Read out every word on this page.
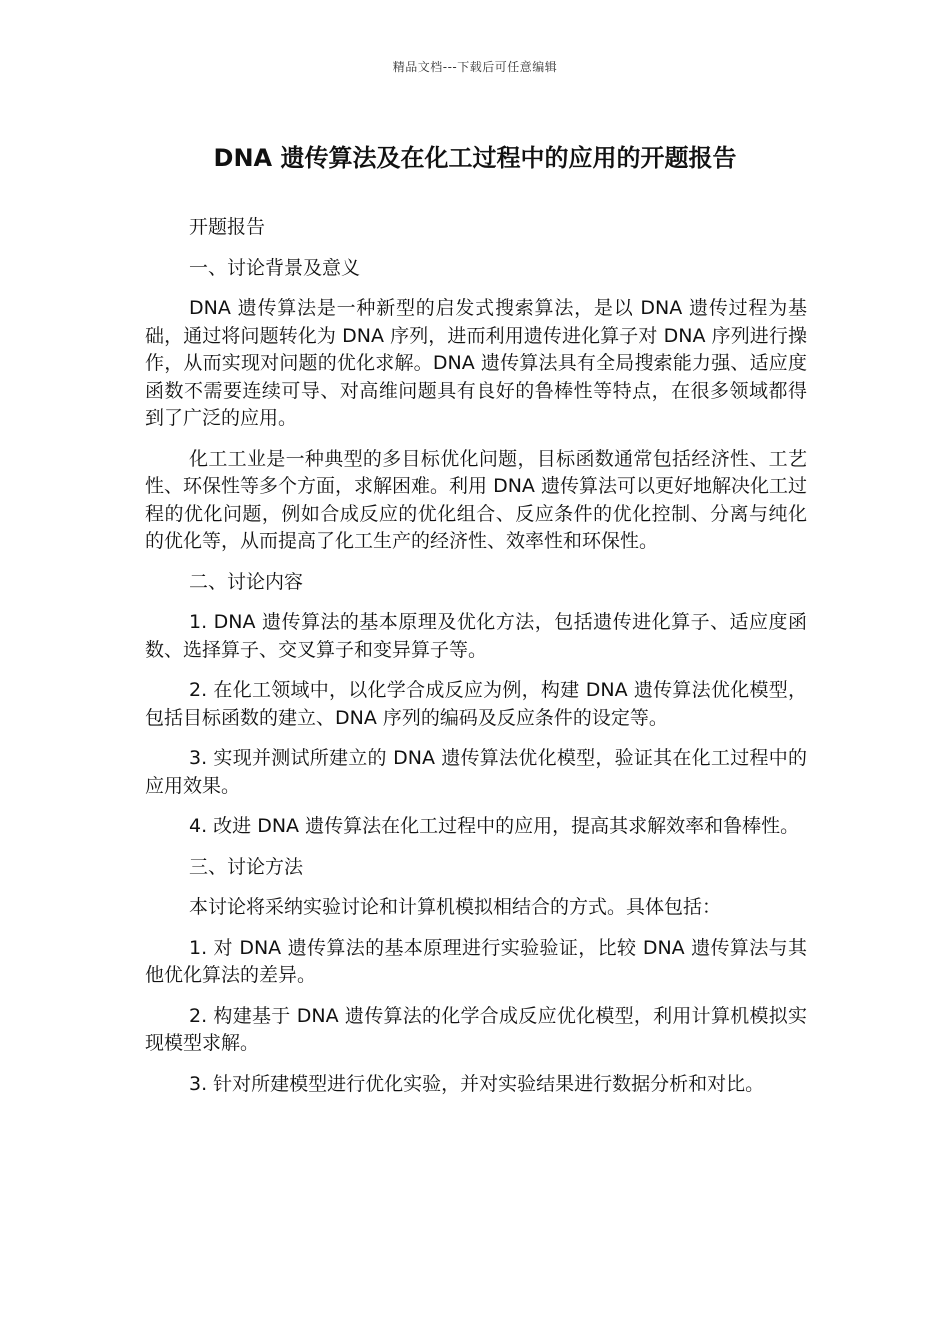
精品文档---下载后可任意编辑
DNA 遗传算法及在化工过程中的应用的开题报告

开题报告

一、讨论背景及意义

DNA 遗传算法是一种新型的启发式搜索算法，是以 DNA 遗传过程为基础，通过将问题转化为 DNA 序列，进而利用遗传进化算子对 DNA 序列进行操作，从而实现对问题的优化求解。DNA 遗传算法具有全局搜索能力强、适应度函数不需要连续可导、对高维问题具有良好的鲁棒性等特点，在很多领域都得到了广泛的应用。

化工工业是一种典型的多目标优化问题，目标函数通常包括经济性、工艺性、环保性等多个方面，求解困难。利用 DNA 遗传算法可以更好地解决化工过程的优化问题，例如合成反应的优化组合、反应条件的优化控制、分离与纯化的优化等，从而提高了化工生产的经济性、效率性和环保性。

二、讨论内容

1. DNA 遗传算法的基本原理及优化方法，包括遗传进化算子、适应度函数、选择算子、交叉算子和变异算子等。

2. 在化工领域中，以化学合成反应为例，构建 DNA 遗传算法优化模型，包括目标函数的建立、DNA 序列的编码及反应条件的设定等。

3. 实现并测试所建立的 DNA 遗传算法优化模型，验证其在化工过程中的应用效果。

4. 改进 DNA 遗传算法在化工过程中的应用，提高其求解效率和鲁棒性。

三、讨论方法

本讨论将采纳实验讨论和计算机模拟相结合的方式。具体包括：

1. 对 DNA 遗传算法的基本原理进行实验验证，比较 DNA 遗传算法与其他优化算法的差异。

2. 构建基于 DNA 遗传算法的化学合成反应优化模型，利用计算机模拟实现模型求解。

3. 针对所建模型进行优化实验，并对实验结果进行数据分析和对比。
